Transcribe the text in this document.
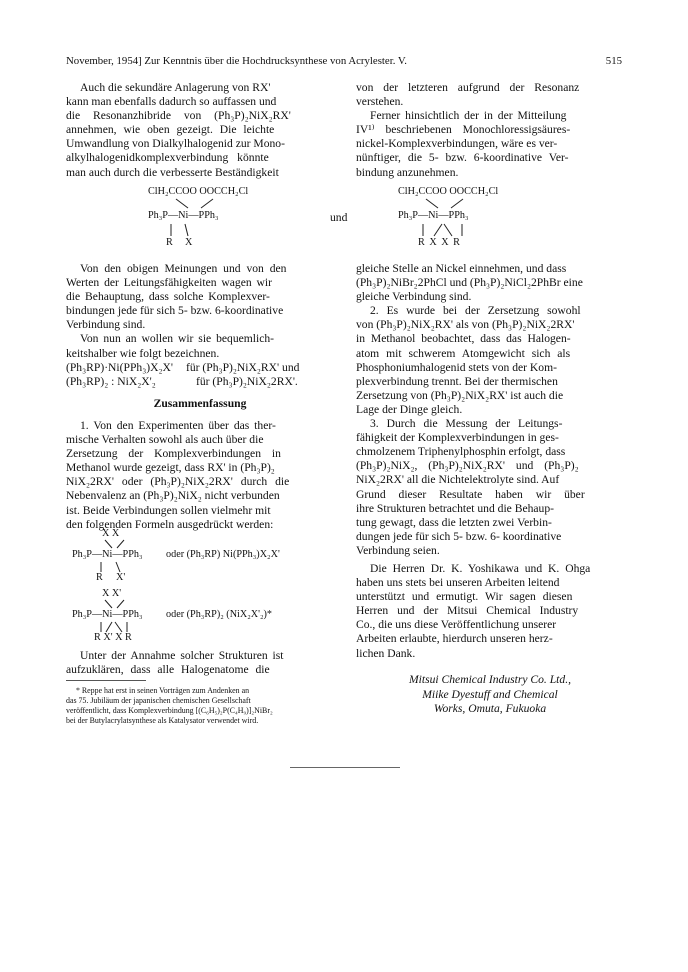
November, 1954] Zur Kenntnis über die Hochdrucksynthese von Acrylester. V.	515
Auch die sekundäre Anlagerung von RX'
kann man ebenfalls dadurch so auffassen und
die Resonanzhibride von (Ph₃P)₂NiX₂RX'
annehmen, wie oben gezeigt. Die leichte
Umwandlung von Dialkylhalogenid zur Mono-
alkylhalogenidkomplexverbindung könnte
man auch durch die verbesserte Beständigkeit
von der letzteren aufgrund der Resonanz
verstehen.
Ferner hinsichtlich der in der Mitteilung
IV¹⁾ beschriebenen Monochloressigsäures-
nickel-Komplexverbindungen, wäre es ver-
nünftiger, die 5- bzw. 6-koordinative Ver-
bindung anzunehmen.
ClH₂CCOO OOCCH₂Cl
Ph₃P—Ni—PPh₃
R X
und
ClH₂CCOO OOCCH₂Cl
Ph₃P—Ni—PPh₃
R X X R
Von den obigen Meinungen und von den
Werten der Leitungsfähigkeiten wagen wir
die Behauptung, dass solche Komplexver-
bindungen jede für sich 5- bzw. 6-koordinative
Verbindung sind.
Von nun an wollen wir sie bequemlich-
keitshalber wie folgt bezeichnen.
(Ph₃RP)·Ni(PPh₃)X₂X' für (Ph₃P)₂NiX₂RX' und
(Ph₃RP)₂ : NiX₂X'₂	für (Ph₃P)₂NiX₂2RX'.
Zusammenfassung
1. Von den Experimenten über das ther-
mische Verhalten sowohl als auch über die
Zersetzung der Komplexverbindungen in
Methanol wurde gezeigt, dass RX' in (Ph₃P)₂
NiX₂2RX' oder (Ph₃P)₂NiX₂2RX' durch die
Nebenvalenz an (Ph₃P)₂NiX₂ nicht verbunden
ist. Beide Verbindungen sollen vielmehr mit
den folgenden Formeln ausgedrückt werden:
X X
Ph₃P—Ni—PPh₃ oder (Ph₃RP) Ni(PPh₃)X₂X'
R X'
X X'
Ph₃P—Ni—PPh₃ oder (Ph₃RP)₂ (NiX₂X'₂)*
R X' X R
Unter der Annahme solcher Strukturen ist
aufzuklären, dass alle Halogenatome die
* Reppe hat erst in seinen Vorträgen zum Andenken an
das 75. Jubiläum der japanischen chemischen Gesellschaft
veröffentlicht, dass Komplexverbindung [(C₆H₅)₂P(C₄H₉)]₂NiBr₂
bei der Butylacrylatsynthese als Katalysator verwendet wird.
gleiche Stelle an Nickel einnehmen, und dass
(Ph₃P)₂NiBr₂2PhCl und (Ph₃P)₂NiCl₂2PhBr eine
gleiche Verbindung sind.
2. Es wurde bei der Zersetzung sowohl
von (Ph₃P)₂NiX₂RX' als von (Ph₃P)₂NiX₂2RX'
in Methanol beobachtet, dass das Halogen-
atom mit schwerem Atomgewicht sich als
Phosphoniumhalogenid stets von der Kom-
plexverbindung trennt. Bei der thermischen
Zersetzung von (Ph₃P)₂NiX₂RX' ist auch die
Lage der Dinge gleich.
3. Durch die Messung der Leitungs-
fähigkeit der Komplexverbindungen in ges-
chmolzenem Triphenylphosphin erfolgt, dass
(Ph₃P)₂NiX₂, (Ph₃P)₂NiX₂RX' und (Ph₃P)₂
NiX₂2RX' all die Nichtelektrolyte sind. Auf
Grund dieser Resultate haben wir über
ihre Strukturen betrachtet und die Behaup-
tung gewagt, dass die letzten zwei Verbin-
dungen jede für sich 5- bzw. 6- koordinative
Verbindung seien.
Die Herren Dr. K. Yoshikawa und K. Ohga
haben uns stets bei unseren Arbeiten leitend
unterstützt und ermutigt. Wir sagen diesen
Herren und der Mitsui Chemical Industry
Co., die uns diese Veröffentlichung unserer
Arbeiten erlaubte, hierdurch unseren herz-
lichen Dank.
Mitsui Chemical Industry Co. Ltd.,
Miike Dyestuff and Chemical
Works, Omuta, Fukuoka
